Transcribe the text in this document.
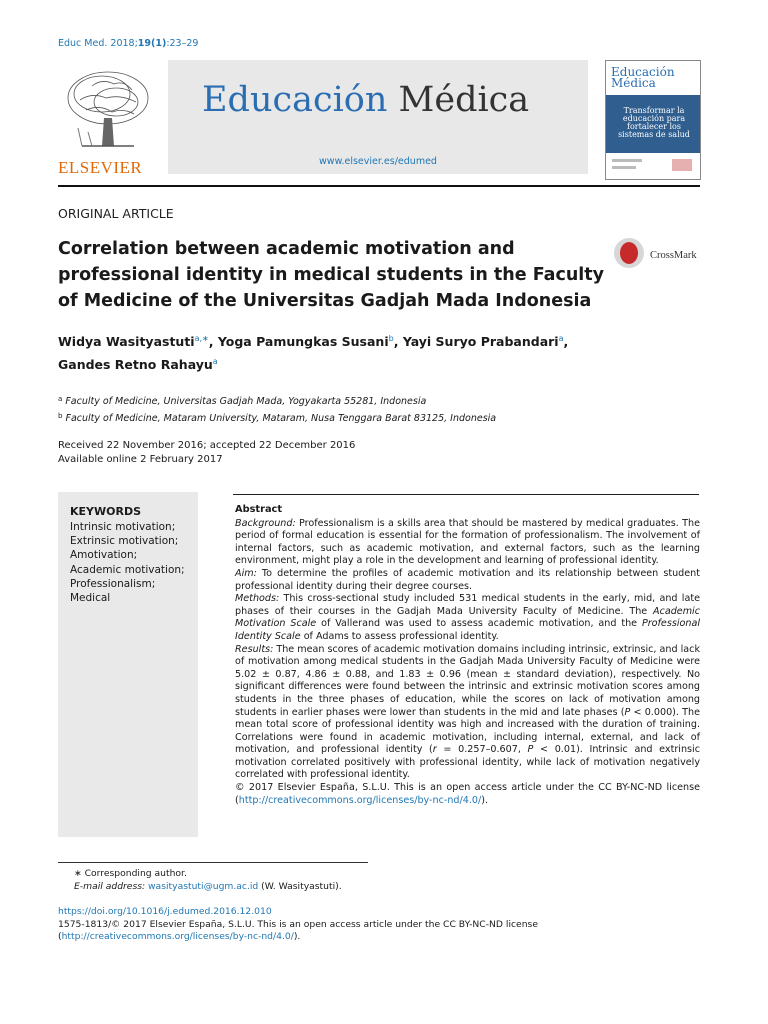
Educ Med. 2018;19(1):23–29
ELSEVIER
Educación Médica
www.elsevier.es/edumed
Educación
Médica
Transformar la educación para fortalecer los sistemas de salud
ORIGINAL ARTICLE
Correlation between academic motivation and professional identity in medical students in the Faculty of Medicine of the Universitas Gadjah Mada Indonesia
CrossMark
Widya Wasityastuti$^{a,∗}$, Yoga Pamungkas Susani$^b$, Yayi Suryo Prabandari$^a$,
Gandes Retno Rahayu$^a$
$^a$ Faculty of Medicine, Universitas Gadjah Mada, Yogyakarta 55281, Indonesia
$^b$ Faculty of Medicine, Mataram University, Mataram, Nusa Tenggara Barat 83125, Indonesia
Received 22 November 2016; accepted 22 December 2016
Available online 2 February 2017
KEYWORDS
Intrinsic motivation;
Extrinsic motivation;
Amotivation;
Academic motivation;
Professionalism;
Medical
Abstract
Background: Professionalism is a skills area that should be mastered by medical graduates. The period of formal education is essential for the formation of professionalism. The involvement of internal factors, such as academic motivation, and external factors, such as the learning environment, might play a role in the development and learning of professional identity.
Aim: To determine the profiles of academic motivation and its relationship between student professional identity during their degree courses.
Methods: This cross-sectional study included 531 medical students in the early, mid, and late phases of their courses in the Gadjah Mada University Faculty of Medicine. The Academic Motivation Scale of Vallerand was used to assess academic motivation, and the Professional Identity Scale of Adams to assess professional identity.
Results: The mean scores of academic motivation domains including intrinsic, extrinsic, and lack of motivation among medical students in the Gadjah Mada University Faculty of Medicine were 5.02 ± 0.87, 4.86 ± 0.88, and 1.83 ± 0.96 (mean ± standard deviation), respectively. No significant differences were found between the intrinsic and extrinsic motivation scores among students in the three phases of education, while the scores on lack of motivation among students in earlier phases were lower than students in the mid and late phases (P < 0.000). The mean total score of professional identity was high and increased with the duration of training. Correlations were found in academic motivation, including internal, external, and lack of motivation, and professional identity (r = 0.257–0.607, P < 0.01). Intrinsic and extrinsic motivation correlated positively with professional identity, while lack of motivation negatively correlated with professional identity.
© 2017 Elsevier España, S.L.U. This is an open access article under the CC BY-NC-ND license (http://creativecommons.org/licenses/by-nc-nd/4.0/).
∗ Corresponding author.
E-mail address: wasityastuti@ugm.ac.id (W. Wasityastuti).
https://doi.org/10.1016/j.edumed.2016.12.010
1575-1813/© 2017 Elsevier España, S.L.U. This is an open access article under the CC BY-NC-ND license (http://creativecommons.org/licenses/by-nc-nd/4.0/).
